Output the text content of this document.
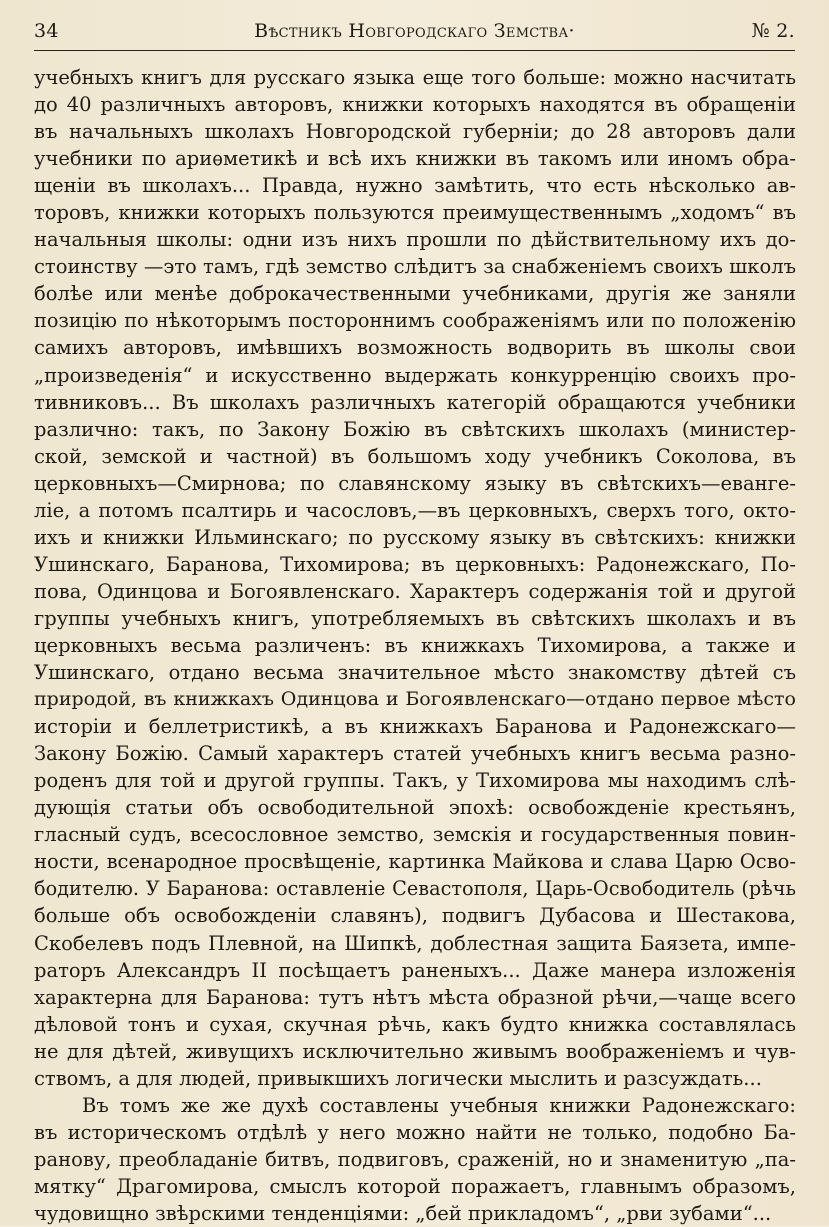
34	Вѣстникъ Новгородскаго Земства·	№ 2.
учебныхъ книгъ для русскаго языка еще того больше: можно насчитать
до 40 различныхъ авторовъ, книжки которыхъ находятся въ обращеніи
въ начальныхъ школахъ Новгородской губерніи; до 28 авторовъ дали
учебники по ариѳметикѣ и всѣ ихъ книжки въ такомъ или иномъ обра-
щеніи въ школахъ... Правда, нужно замѣтить, что есть нѣсколько ав-
торовъ, книжки которыхъ пользуются преимущественнымъ „ходомъ“ въ
начальныя школы: одни изъ нихъ прошли по дѣйствительному ихъ до-
стоинству —это тамъ, гдѣ земство слѣдитъ за снабженіемъ своихъ школъ
болѣе или менѣе доброкачественными учебниками, другія же заняли
позицію по нѣкоторымъ постороннимъ соображеніямъ или по положенію
самихъ авторовъ, имѣвшихъ возможность водворить въ школы свои
„произведенія“ и искусственно выдержать конкурренцію своихъ про-
тивниковъ... Въ школахъ различныхъ категорій обращаются учебники
различно: такъ, по Закону Божію въ свѣтскихъ школахъ (министер-
ской, земской и частной) въ большомъ ходу учебникъ Соколова, въ
церковныхъ—Смирнова; по славянскому языку въ свѣтскихъ—еванге-
ліе, а потомъ псалтирь и часословъ,—въ церковныхъ, сверхъ того, окто-
ихъ и книжки Ильминскаго; по русскому языку въ свѣтскихъ: книжки
Ушинскаго, Баранова, Тихомирова; въ церковныхъ: Радонежскаго, По-
пова, Одинцова и Богоявленскаго. Характеръ содержанія той и другой
группы учебныхъ книгъ, употребляемыхъ въ свѣтскихъ школахъ и въ
церковныхъ весьма различенъ: въ книжкахъ Тихомирова, а также и
Ушинскаго, отдано весьма значительное мѣсто знакомству дѣтей съ
природой, въ книжкахъ Одинцова и Богоявленскаго—отдано первое мѣсто
исторіи и беллетристикѣ, а въ книжкахъ Баранова и Радонежскаго—
Закону Божію. Самый характеръ статей учебныхъ книгъ весьма разно-
роденъ для той и другой группы. Такъ, у Тихомирова мы находимъ слѣ-
дующія статьи объ освободительной эпохѣ: освобожденіе крестьянъ,
гласный судъ, всесословное земство, земскія и государственныя повин-
ности, всенародное просвѣщеніе, картинка Майкова и слава Царю Осво-
бодителю. У Баранова: оставленіе Севастополя, Царь-Освободитель (рѣчь
больше объ освобожденіи славянъ), подвигъ Дубасова и Шестакова,
Скобелевъ подъ Плевной, на Шипкѣ, доблестная защита Баязета, импе-
раторъ Александръ II посѣщаетъ раненыхъ... Даже манера изложенія
характерна для Баранова: тутъ нѣтъ мѣста образной рѣчи,—чаще всего
дѣловой тонъ и сухая, скучная рѣчь, какъ будто книжка составлялась
не для дѣтей, живущихъ исключительно живымъ воображеніемъ и чув-
ствомъ, а для людей, привыкшихъ логически мыслить и разсуждать...
Въ томъ же же духѣ составлены учебныя книжки Радонежскаго:
въ историческомъ отдѣлѣ у него можно найти не только, подобно Ба-
ранову, преобладаніе битвъ, подвиговъ, сраженій, но и знаменитую „па-
мятку“ Драгомирова, смыслъ которой поражаетъ, главнымъ образомъ,
чудовищно звѣрскими тенденціями: „бей прикладомъ“, „рви зубами“...
